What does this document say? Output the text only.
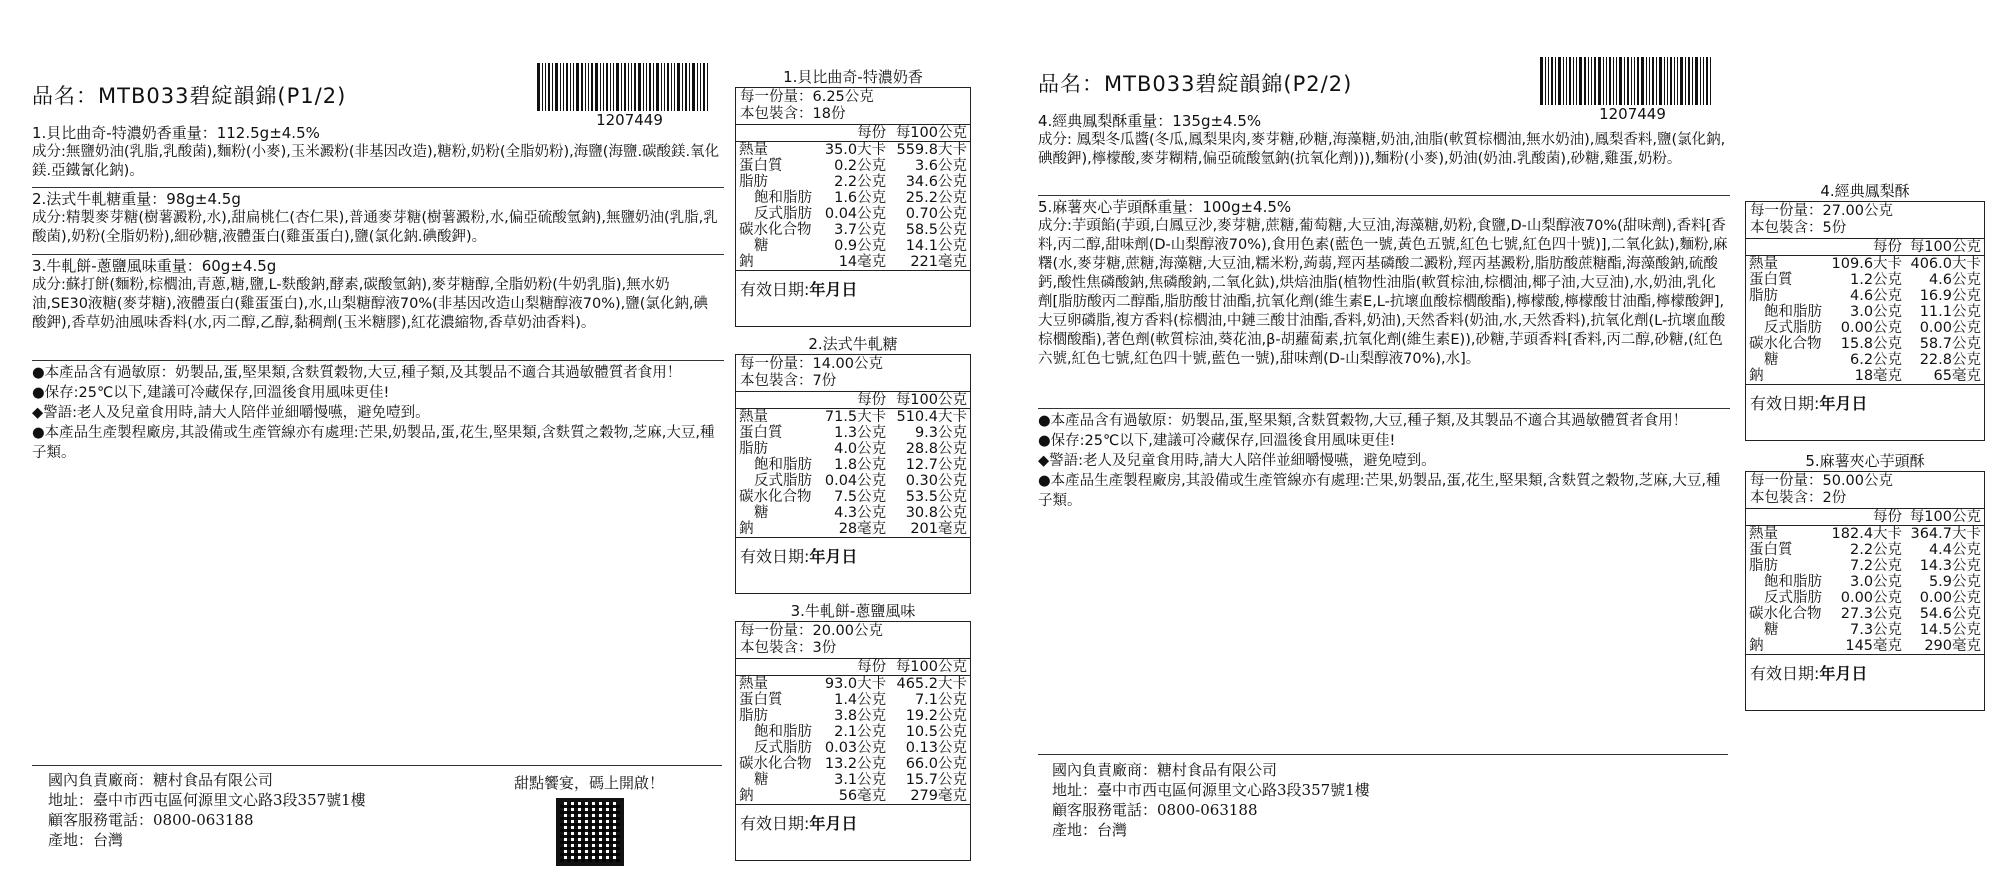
品名：MTB033碧綻韻錦(P1/2)
1207449
1.貝比曲奇-特濃奶香重量：112.5g±4.5%
成分:無鹽奶油(乳脂,乳酸菌),麵粉(小麥),玉米澱粉(非基因改造),糖粉,奶粉(全脂奶粉),海鹽(海鹽.碳酸鎂.氧化鎂.亞鐵氰化鈉)。
2.法式牛軋糖重量：98g±4.5g
成分:精製麥芽糖(樹薯澱粉,水),甜扁桃仁(杏仁果),普通麥芽糖(樹薯澱粉,水,偏亞硫酸氫鈉),無鹽奶油(乳脂,乳酸菌),奶粉(全脂奶粉),細砂糖,液體蛋白(雞蛋蛋白),鹽(氯化鈉.碘酸鉀)。
3.牛軋餅-蔥鹽風味重量：60g±4.5g
成分:蘇打餅(麵粉,棕櫚油,青蔥,糖,鹽,L-麩酸鈉,酵素,碳酸氫鈉),麥芽糖醇,全脂奶粉(牛奶乳脂),無水奶油,SE30液糖(麥芽糖),液體蛋白(雞蛋蛋白),水,山梨糖醇液70%(非基因改造山梨糖醇液70%),鹽(氯化鈉,碘酸鉀),香草奶油風味香料(水,丙二醇,乙醇,黏稠劑(玉米糖膠),紅花濃縮物,香草奶油香料)。
●本產品含有過敏原：奶製品,蛋,堅果類,含麩質穀物,大豆,種子類,及其製品不適合其過敏體質者食用！
●保存:25℃以下,建議可冷藏保存,回溫後食用風味更佳!
◆警語:老人及兒童食用時,請大人陪伴並細嚼慢嚥，避免噎到。
●本產品生產製程廠房,其設備或生產管線亦有處理:芒果,奶製品,蛋,花生,堅果類,含麩質之穀物,芝麻,大豆,種子類。
國內負責廠商：糖村食品有限公司
地址：臺中市西屯區何源里文心路3段357號1樓
顧客服務電話：0800-063188
產地：台灣
甜點饗宴，碼上開啟！
品名：MTB033碧綻韻錦(P2/2)
1207449
4.經典鳳梨酥重量：135g±4.5%
成分: 鳳梨冬瓜醬(冬瓜,鳳梨果肉,麥芽糖,砂糖,海藻糖,奶油,油脂(軟質棕櫚油,無水奶油),鳳梨香料,鹽(氯化鈉,碘酸鉀),檸檬酸,麥芽糊精,偏亞硫酸氫鈉(抗氧化劑))),麵粉(小麥),奶油(奶油.乳酸菌),砂糖,雞蛋,奶粉。
5.麻薯夾心芋頭酥重量：100g±4.5%
成分:芋頭餡(芋頭,白鳳豆沙,麥芽糖,蔗糖,葡萄糖,大豆油,海藻糖,奶粉,食鹽,D-山梨醇液70%(甜味劑),香料[香料,丙二醇,甜味劑(D-山梨醇液70%),食用色素(藍色一號,黃色五號,紅色七號,紅色四十號)],二氧化鈦),麵粉,麻糬(水,麥芽糖,蔗糖,海藻糖,大豆油,糯米粉,蒟蒻,羥丙基磷酸二澱粉,羥丙基澱粉,脂肪酸蔗糖酯,海藻酸鈉,硫酸鈣,酸性焦磷酸鈉,焦磷酸鈉,二氧化鈦),烘焙油脂(植物性油脂(軟質棕油,棕櫚油,椰子油,大豆油),水,奶油,乳化劑[脂肪酸丙二醇酯,脂肪酸甘油酯,抗氧化劑(維生素E,L-抗壞血酸棕櫚酸酯),檸檬酸,檸檬酸甘油酯,檸檬酸鉀],大豆卵磷脂,複方香料(棕櫚油,中鏈三酸甘油酯,香料,奶油),天然香料(奶油,水,天然香料),抗氧化劑(L-抗壞血酸棕櫚酸酯),著色劑(軟質棕油,葵花油,β-胡蘿蔔素,抗氧化劑(維生素E)),砂糖,芋頭香料[香料,丙二醇,砂糖,(紅色六號,紅色七號,紅色四十號,藍色一號),甜味劑(D-山梨醇液70%),水]。
●本產品含有過敏原：奶製品,蛋,堅果類,含麩質穀物,大豆,種子類,及其製品不適合其過敏體質者食用！
●保存:25℃以下,建議可冷藏保存,回溫後食用風味更佳!
◆警語:老人及兒童食用時,請大人陪伴並細嚼慢嚥，避免噎到。
●本產品生產製程廠房,其設備或生產管線亦有處理:芒果,奶製品,蛋,花生,堅果類,含麩質之穀物,芝麻,大豆,種子類。
國內負責廠商：糖村食品有限公司
地址：臺中市西屯區何源里文心路3段357號1樓
顧客服務電話：0800-063188
產地：台灣
1.貝比曲奇-特濃奶香
每一份量：6.25公克
本包裝含：18份
	每份	每100公克
熱量	35.0大卡	559.8大卡
蛋白質	0.2公克	3.6公克
脂肪	2.2公克	34.6公克
飽和脂肪	1.6公克	25.2公克
反式脂肪	0.04公克	0.70公克
碳水化合物	3.7公克	58.5公克
糖	0.9公克	14.1公克
鈉	14毫克	221毫克
有效日期:年月日
2.法式牛軋糖
每一份量：14.00公克
本包裝含：7份
	每份	每100公克
熱量	71.5大卡	510.4大卡
蛋白質	1.3公克	9.3公克
脂肪	4.0公克	28.8公克
飽和脂肪	1.8公克	12.7公克
反式脂肪	0.04公克	0.30公克
碳水化合物	7.5公克	53.5公克
糖	4.3公克	30.8公克
鈉	28毫克	201毫克
有效日期:年月日
3.牛軋餅-蔥鹽風味
每一份量：20.00公克
本包裝含：3份
	每份	每100公克
熱量	93.0大卡	465.2大卡
蛋白質	1.4公克	7.1公克
脂肪	3.8公克	19.2公克
飽和脂肪	2.1公克	10.5公克
反式脂肪	0.03公克	0.13公克
碳水化合物	13.2公克	66.0公克
糖	3.1公克	15.7公克
鈉	56毫克	279毫克
有效日期:年月日
4.經典鳳梨酥
每一份量：27.00公克
本包裝含：5份
	每份	每100公克
熱量	109.6大卡	406.0大卡
蛋白質	1.2公克	4.6公克
脂肪	4.6公克	16.9公克
飽和脂肪	3.0公克	11.1公克
反式脂肪	0.00公克	0.00公克
碳水化合物	15.8公克	58.7公克
糖	6.2公克	22.8公克
鈉	18毫克	65毫克
有效日期:年月日
5.麻薯夾心芋頭酥
每一份量：50.00公克
本包裝含：2份
	每份	每100公克
熱量	182.4大卡	364.7大卡
蛋白質	2.2公克	4.4公克
脂肪	7.2公克	14.3公克
飽和脂肪	3.0公克	5.9公克
反式脂肪	0.00公克	0.00公克
碳水化合物	27.3公克	54.6公克
糖	7.3公克	14.5公克
鈉	145毫克	290毫克
有效日期:年月日
